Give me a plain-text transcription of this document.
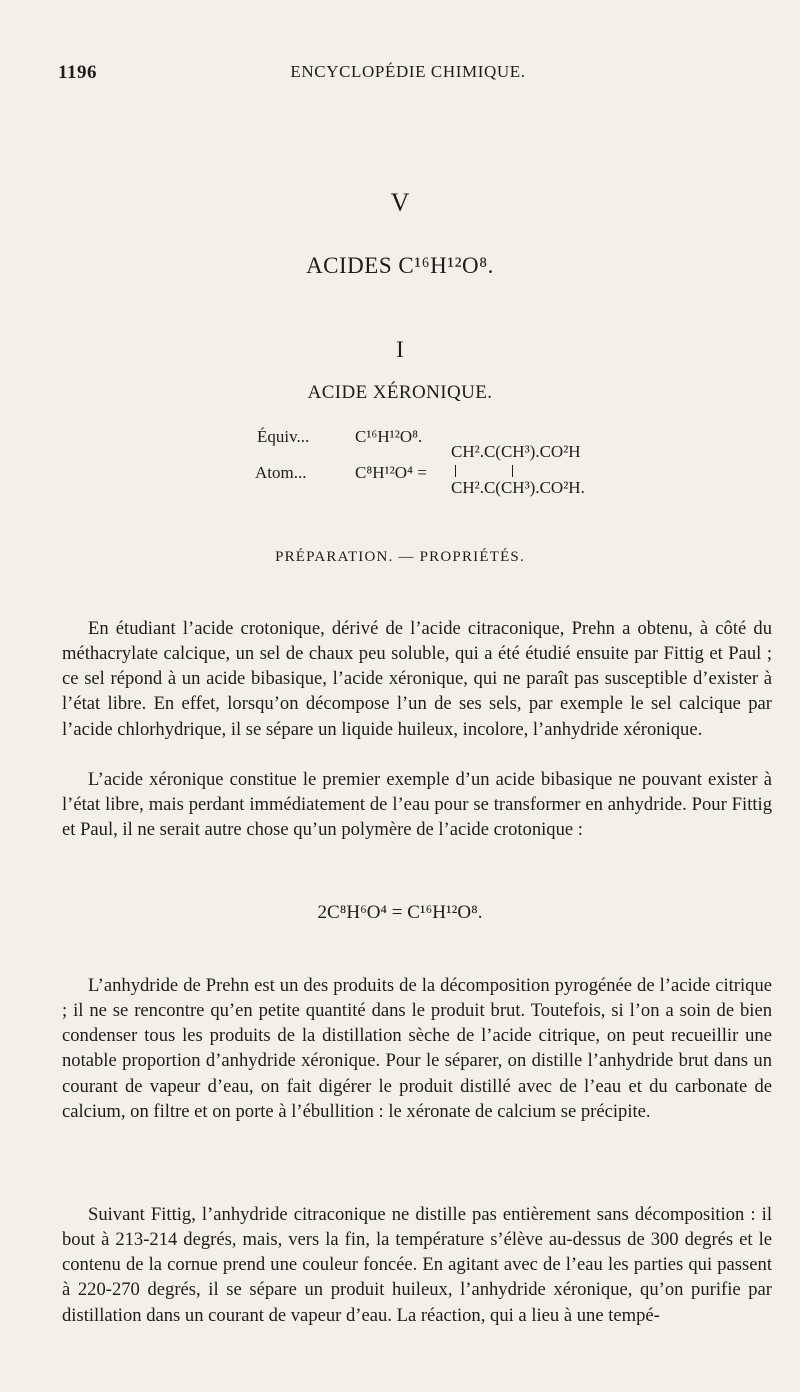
1196	ENCYCLOPÉDIE CHIMIQUE.
V
ACIDES C¹⁶H¹²O⁸.
I
ACIDE XÉRONIQUE.
Équiv...	C¹⁶H¹²O⁸.
CH².C(CH³).CO²H
Atom...	C⁸H¹²O⁴ =
CH².C(CH³).CO²H.
PRÉPARATION. — PROPRIÉTÉS.

En étudiant l’acide crotonique, dérivé de l’acide citraconique, Prehn a obtenu, à côté du méthacrylate calcique, un sel de chaux peu soluble, qui a été étudié ensuite par Fittig et Paul ; ce sel répond à un acide bibasique, l’acide xéronique, qui ne paraît pas susceptible d’exister à l’état libre. En effet, lorsqu’on décompose l’un de ses sels, par exemple le sel calcique par l’acide chlorhydrique, il se sépare un liquide huileux, incolore, l’anhydride xéronique.

L’acide xéronique constitue le premier exemple d’un acide bibasique ne pouvant exister à l’état libre, mais perdant immédiatement de l’eau pour se transformer en anhydride. Pour Fittig et Paul, il ne serait autre chose qu’un polymère de l’acide crotonique :

2C⁸H⁶O⁴ = C¹⁶H¹²O⁸.

L’anhydride de Prehn est un des produits de la décomposition pyrogénée de l’acide citrique ; il ne se rencontre qu’en petite quantité dans le produit brut. Toutefois, si l’on a soin de bien condenser tous les produits de la distillation sèche de l’acide citrique, on peut recueillir une notable proportion d’anhydride xéronique. Pour le séparer, on distille l’anhydride brut dans un courant de vapeur d’eau, on fait digérer le produit distillé avec de l’eau et du carbonate de calcium, on filtre et on porte à l’ébullition : le xéronate de calcium se précipite.

Suivant Fittig, l’anhydride citraconique ne distille pas entièrement sans décomposition : il bout à 213-214 degrés, mais, vers la fin, la température s’élève au-dessus de 300 degrés et le contenu de la cornue prend une couleur foncée. En agitant avec de l’eau les parties qui passent à 220-270 degrés, il se sépare un produit huileux, l’anhydride xéronique, qu’on purifie par distillation dans un courant de vapeur d’eau. La réaction, qui a lieu à une tempé-
